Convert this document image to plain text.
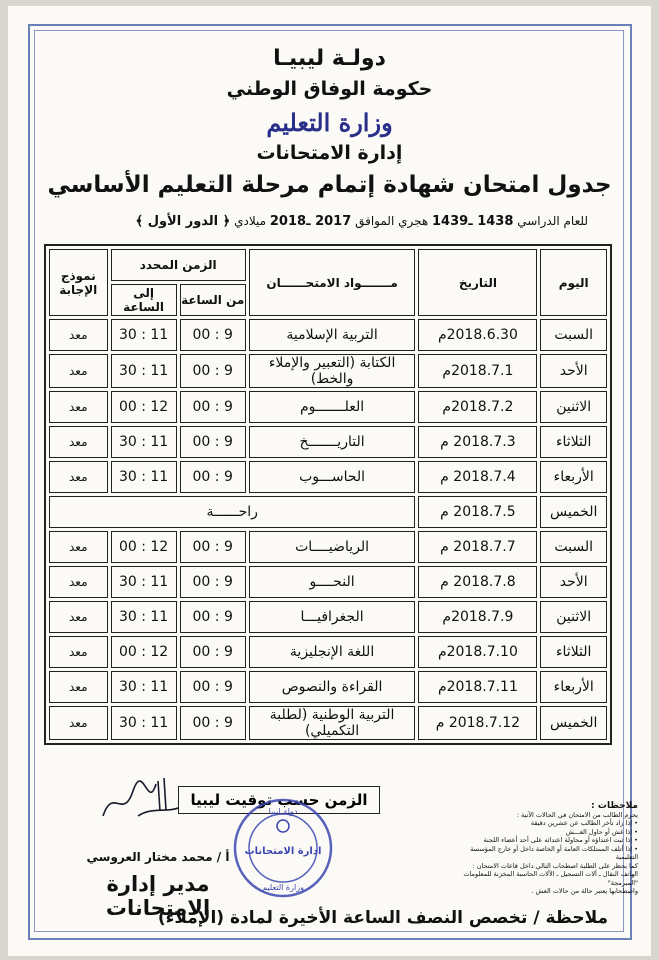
دولـة ليبيـا
حكومة الوفاق الوطني
وزارة التعليم
إدارة الامتحانات
جدول امتحان شهادة إتمام مرحلة التعليم الأساسي
للعام الدراسي 1438 ـ1439 هجري الموافق 2017 ـ2018 ميلادي ﴿ الدور الأول ﴾
اليوم	التاريخ	مـــــــواد الامتحــــــان	الزمن المحدد		نموذج الإجابة
			من الساعة	إلى الساعة	
السبت	2018.6.30م	التربية الإسلامية	9 : 00	11 : 30	معد
الأحد	2018.7.1م	الكتابة (التعبير والإملاء والخط)	9 : 00	11 : 30	معد
الاثنين	2018.7.2م	العلـــــــوم	9 : 00	12 : 00	معد
الثلاثاء	2018.7.3 م	التاريـــــــخ	9 : 00	11 : 30	معد
الأربعاء	2018.7.4 م	الحاســـوب	9 : 00	11 : 30	معد
الخميس	2018.7.5 م	راحــــــة			
السبت	2018.7.7 م	الرياضيــــات	9 : 00	12 : 00	معد
الأحد	2018.7.8 م	النحــــو	9 : 00	11 : 30	معد
الاثنين	2018.7.9م	الجغرافيـــا	9 : 00	11 : 30	معد
الثلاثاء	2018.7.10م	اللغة الإنجليزية	9 : 00	12 : 00	معد
الأربعاء	2018.7.11م	القراءة والنصوص	9 : 00	11 : 30	معد
الخميس	2018.7.12 م	التربية الوطنية (لطلبة التكميلي)	9 : 00	11 : 30	معد
الزمن حسب توقيت ليبيا
دولة ليبيا
ادارة الامتحانات
وزارة التعليم
ملاحظات :
يحرم الطالب من الامتحان في الحالات الآتية :
• إذا زاد تأخر الطالب عن عشرين دقيقة
• إذا غش أو حاول الغـــش
• إذا ثبت اعتداؤه أو محاولة اعتدائه على أحد أعضاء اللجنة
• إذا أتلف الممتلكات العامة أو الخاصة داخل أو خارج المؤسسة التعليمية
كما يحظر على الطلبة اصطحاب التالي داخل قاعات الامتحان :
الهاتف النقال ـ آلات التسجيل ـ الآلات الحاسبة المخزنة للمعلومات "المبرمجة"
واصطحابها يعتبر حالة من حالات الغش .
أ / محمد مختار العروسي
مدير إدارة الامتحانات
ملاحظة / تخصص النصف الساعة الأخيرة لمادة (الإملاء)
